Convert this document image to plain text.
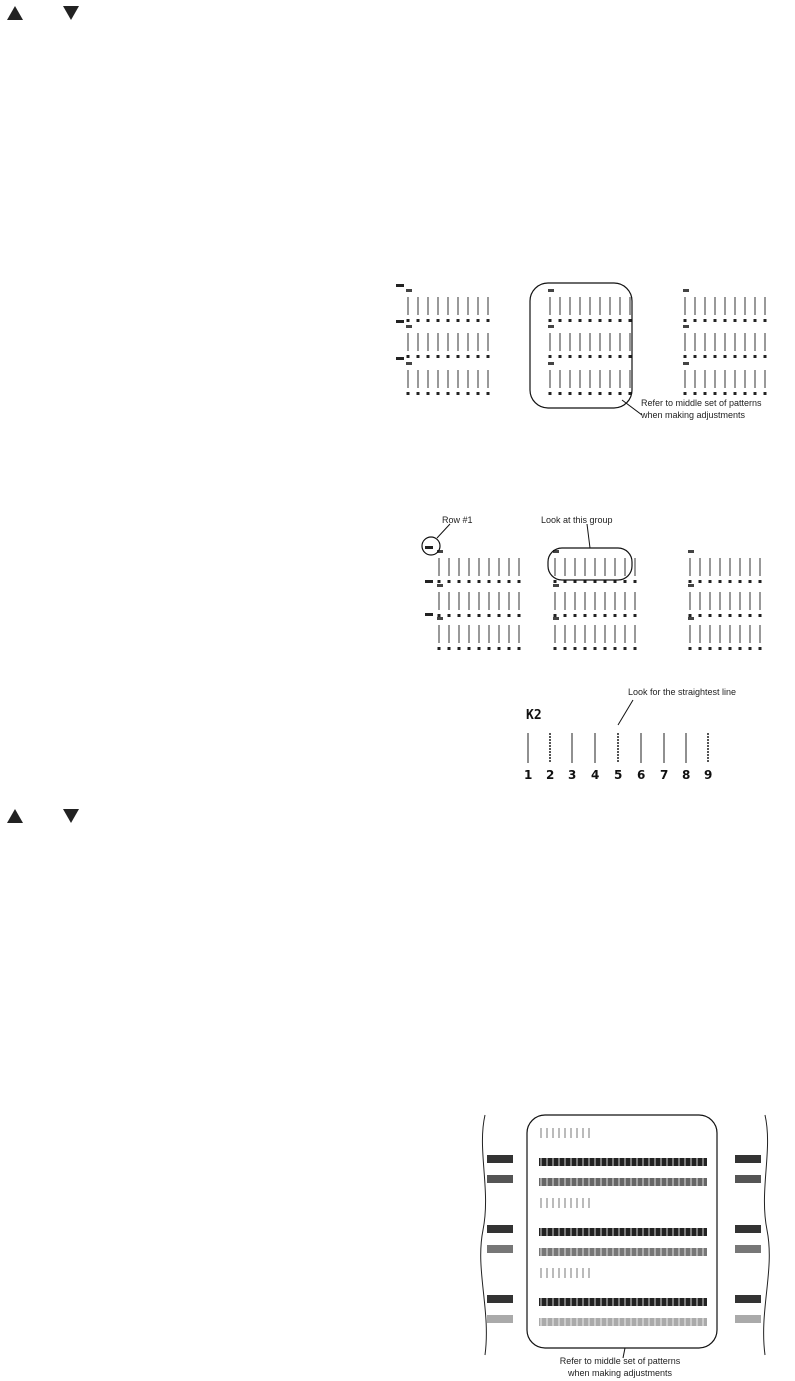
Refer to middle set of patterns
when making adjustments
Row #1	Look at this group
Look for the straightest line
K2
1 2 3 4 5 6 7 8 9
Refer to middle set of patterns
when making adjustments
